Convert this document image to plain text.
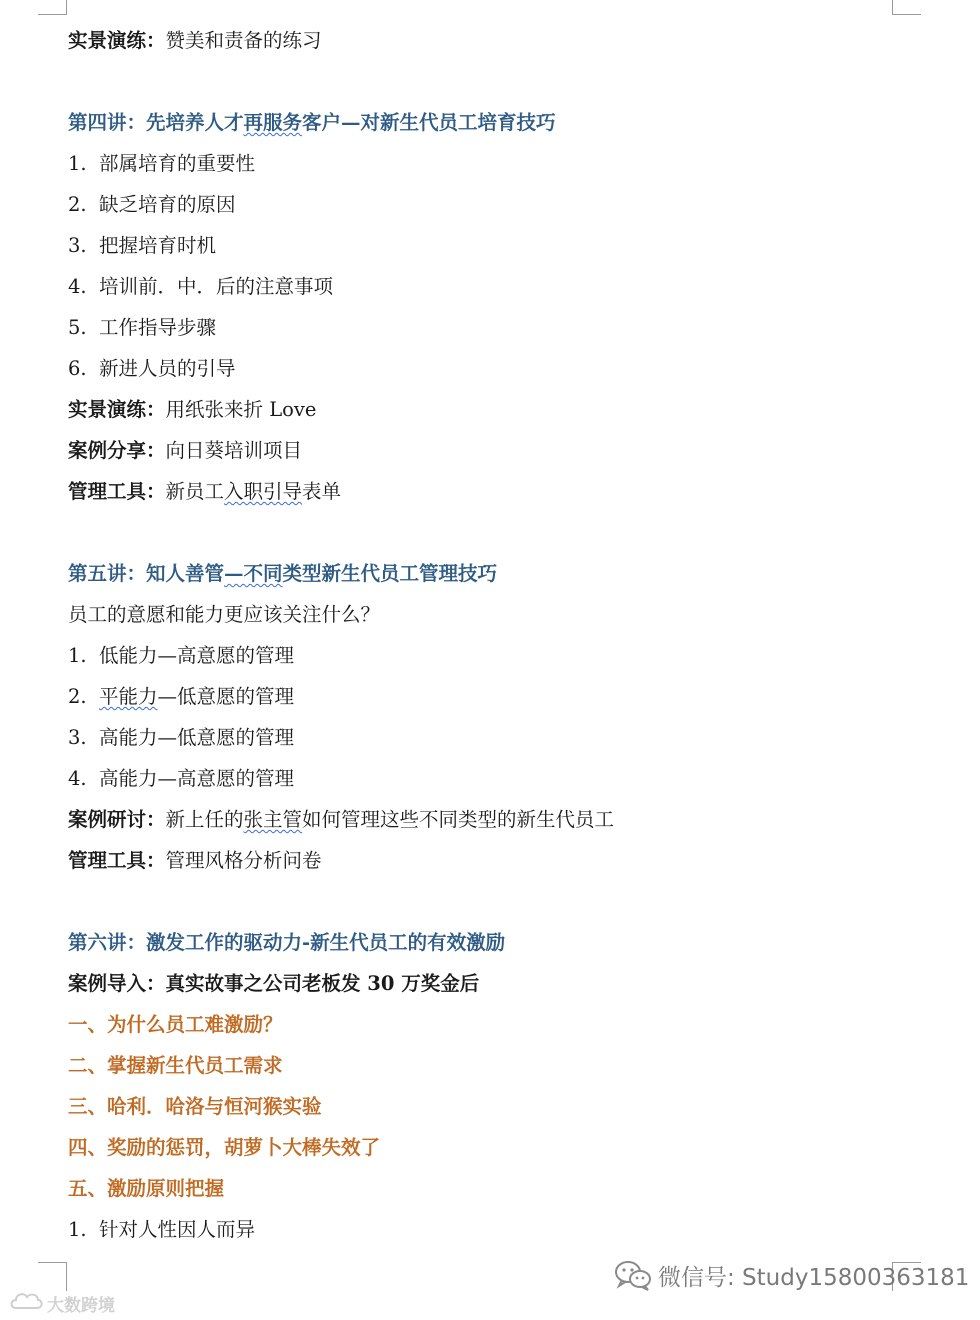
实景演练：赞美和责备的练习
第四讲：先培养人才再服务客户—对新生代员工培育技巧
1. 部属培育的重要性
2. 缺乏培育的原因
3. 把握培育时机
4. 培训前．中．后的注意事项
5. 工作指导步骤
6. 新进人员的引导
实景演练：用纸张来折 Love
案例分享：向日葵培训项目
管理工具：新员工入职引导表单
第五讲：知人善管—不同类型新生代员工管理技巧
员工的意愿和能力更应该关注什么？
1. 低能力—高意愿的管理
2. 平能力—低意愿的管理
3. 高能力—低意愿的管理
4. 高能力—高意愿的管理
案例研讨：新上任的张主管如何管理这些不同类型的新生代员工
管理工具：管理风格分析问卷
第六讲：激发工作的驱动力-新生代员工的有效激励
案例导入：真实故事之公司老板发 30 万奖金后
一、为什么员工难激励？
二、掌握新生代员工需求
三、哈利．哈洛与恒河猴实验
四、奖励的惩罚，胡萝卜大棒失效了
五、激励原则把握
1. 针对人性因人而异
微信号: Study15800363181
大数跨境
